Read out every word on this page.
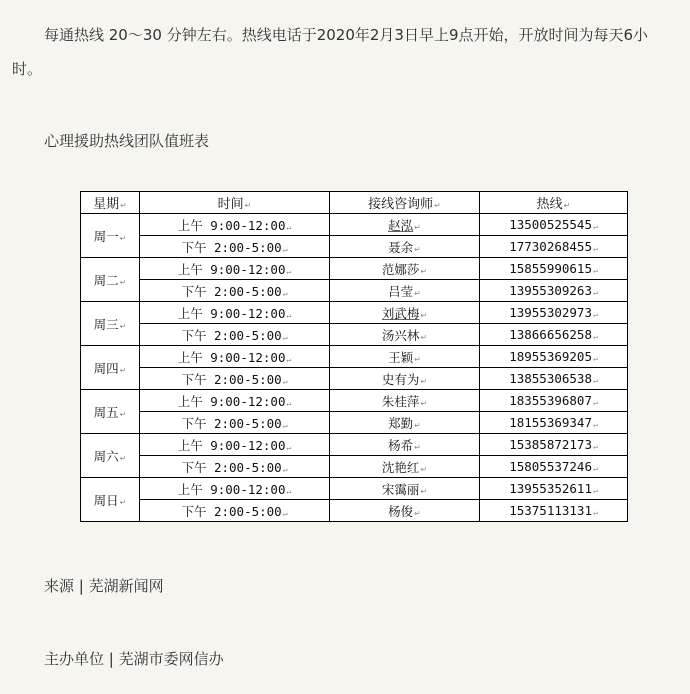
每通热线 20～30 分钟左右。热线电话于2020年2月3日早上9点开始，开放时间为每天6小时。

心理援助热线团队值班表

星期↵	时间↵	接线咨询师↵	热线↵
周一↵	上午 9:00-12:00↵	赵泓↵	13500525545↵
	下午 2:00-5:00↵	聂余↵	17730268455↵
周二↵	上午 9:00-12:00↵	范娜莎↵	15855990615↵
	下午 2:00-5:00↵	吕莹↵	13955309263↵
周三↵	上午 9:00-12:00↵	刘武梅↵	13955302973↵
	下午 2:00-5:00↵	汤兴林↵	13866656258↵
周四↵	上午 9:00-12:00↵	王颖↵	18955369205↵
	下午 2:00-5:00↵	史有为↵	13855306538↵
周五↵	上午 9:00-12:00↵	朱桂萍↵	18355396807↵
	下午 2:00-5:00↵	郑勤↵	18155369347↵
周六↵	上午 9:00-12:00↵	杨希↵	15385872173↵
	下午 2:00-5:00↵	沈艳红↵	15805537246↵
周日↵	上午 9:00-12:00↵	宋霭丽↵	13955352611↵
	下午 2:00-5:00↵	杨俊↵	15375113131↵

来源 | 芜湖新闻网

主办单位 | 芜湖市委网信办
